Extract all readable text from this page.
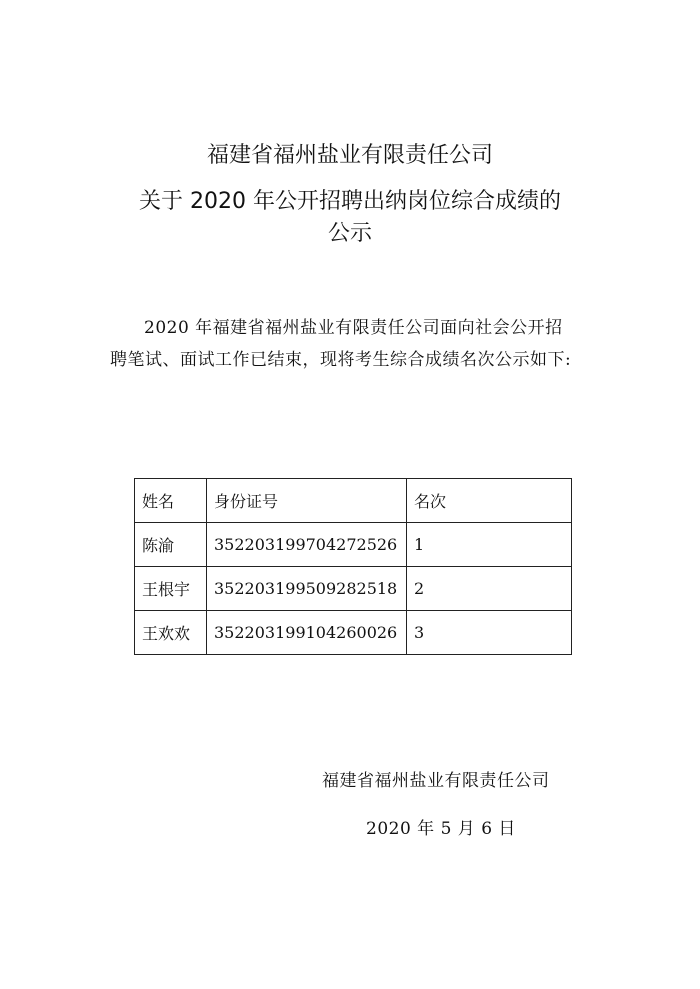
福建省福州盐业有限责任公司
关于 2020 年公开招聘出纳岗位综合成绩的
公示
2020 年福建省福州盐业有限责任公司面向社会公开招
聘笔试、面试工作已结束，现将考生综合成绩名次公示如下:
姓名	身份证号	名次
陈渝	352203199704272526	1
王根宇	352203199509282518	2
王欢欢	352203199104260026	3
福建省福州盐业有限责任公司
2020 年 5 月 6 日
